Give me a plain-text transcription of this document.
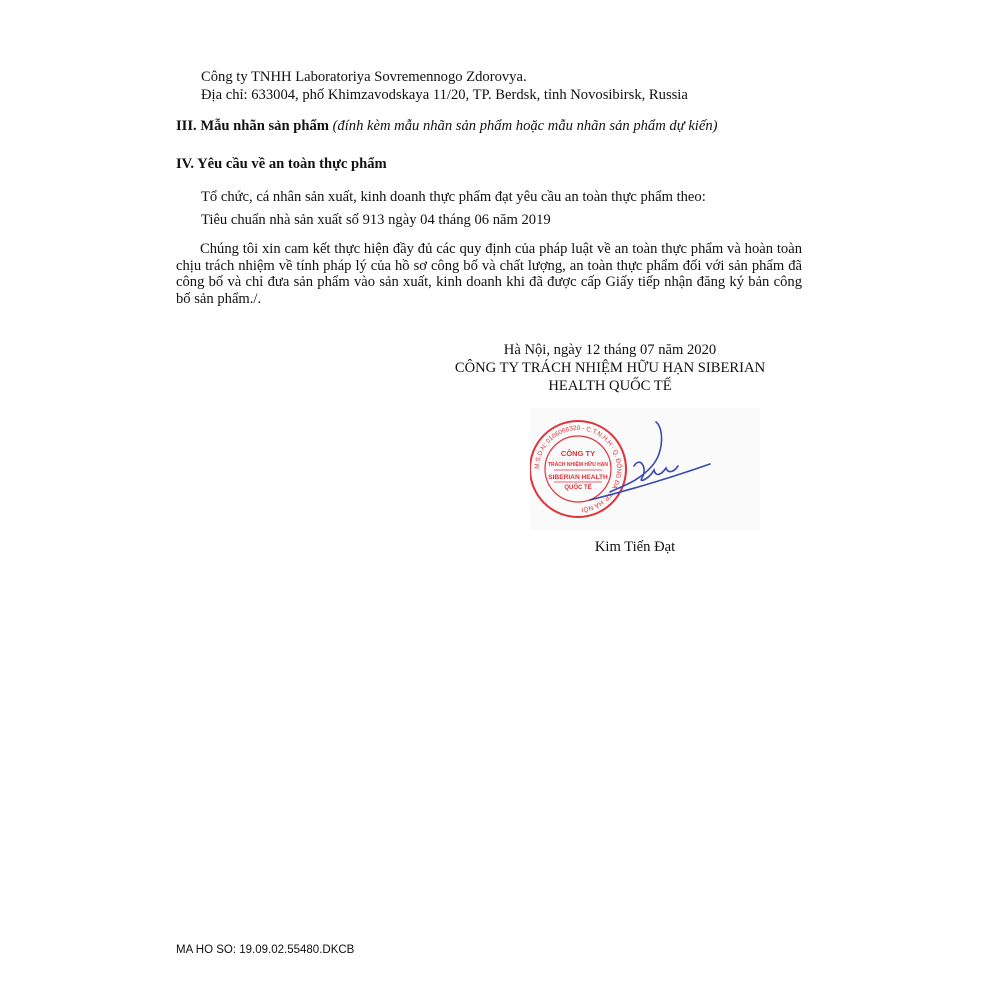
Công ty TNHH Laboratoriya Sovremennogo Zdorovya.
Địa chỉ: 633004, phố Khimzavodskaya 11/20, TP. Berdsk, tỉnh Novosibirsk, Russia
III. Mẫu nhãn sản phẩm (đính kèm mẫu nhãn sản phẩm hoặc mẫu nhãn sản phẩm dự kiến)
IV. Yêu cầu về an toàn thực phẩm
Tổ chức, cá nhân sản xuất, kinh doanh thực phẩm đạt yêu cầu an toàn thực phẩm theo:
Tiêu chuẩn nhà sản xuất số 913 ngày 04 tháng 06 năm 2019
Chúng tôi xin cam kết thực hiện đầy đủ các quy định của pháp luật về an toàn thực phẩm và hoàn toàn chịu trách nhiệm về tính pháp lý của hồ sơ công bố và chất lượng, an toàn thực phẩm đối với sản phẩm đã công bố và chỉ đưa sản phẩm vào sản xuất, kinh doanh khi đã được cấp Giấy tiếp nhận đăng ký bản công bố sản phẩm./.
Hà Nội, ngày 12 tháng 07 năm 2020
CÔNG TY TRÁCH NHIỆM HỮU HẠN SIBERIAN
HEALTH QUỐC TẾ
M.S.D.N: 0106066320 - C.T.N.H.H · Q. ĐỐNG ĐA - TP. HÀ NỘI
CÔNG TY
TRÁCH NHIỆM HỮU HẠN
SIBERIAN HEALTH
QUỐC TẾ
Kim Tiến Đạt
MA HO SO: 19.09.02.55480.DKCB
